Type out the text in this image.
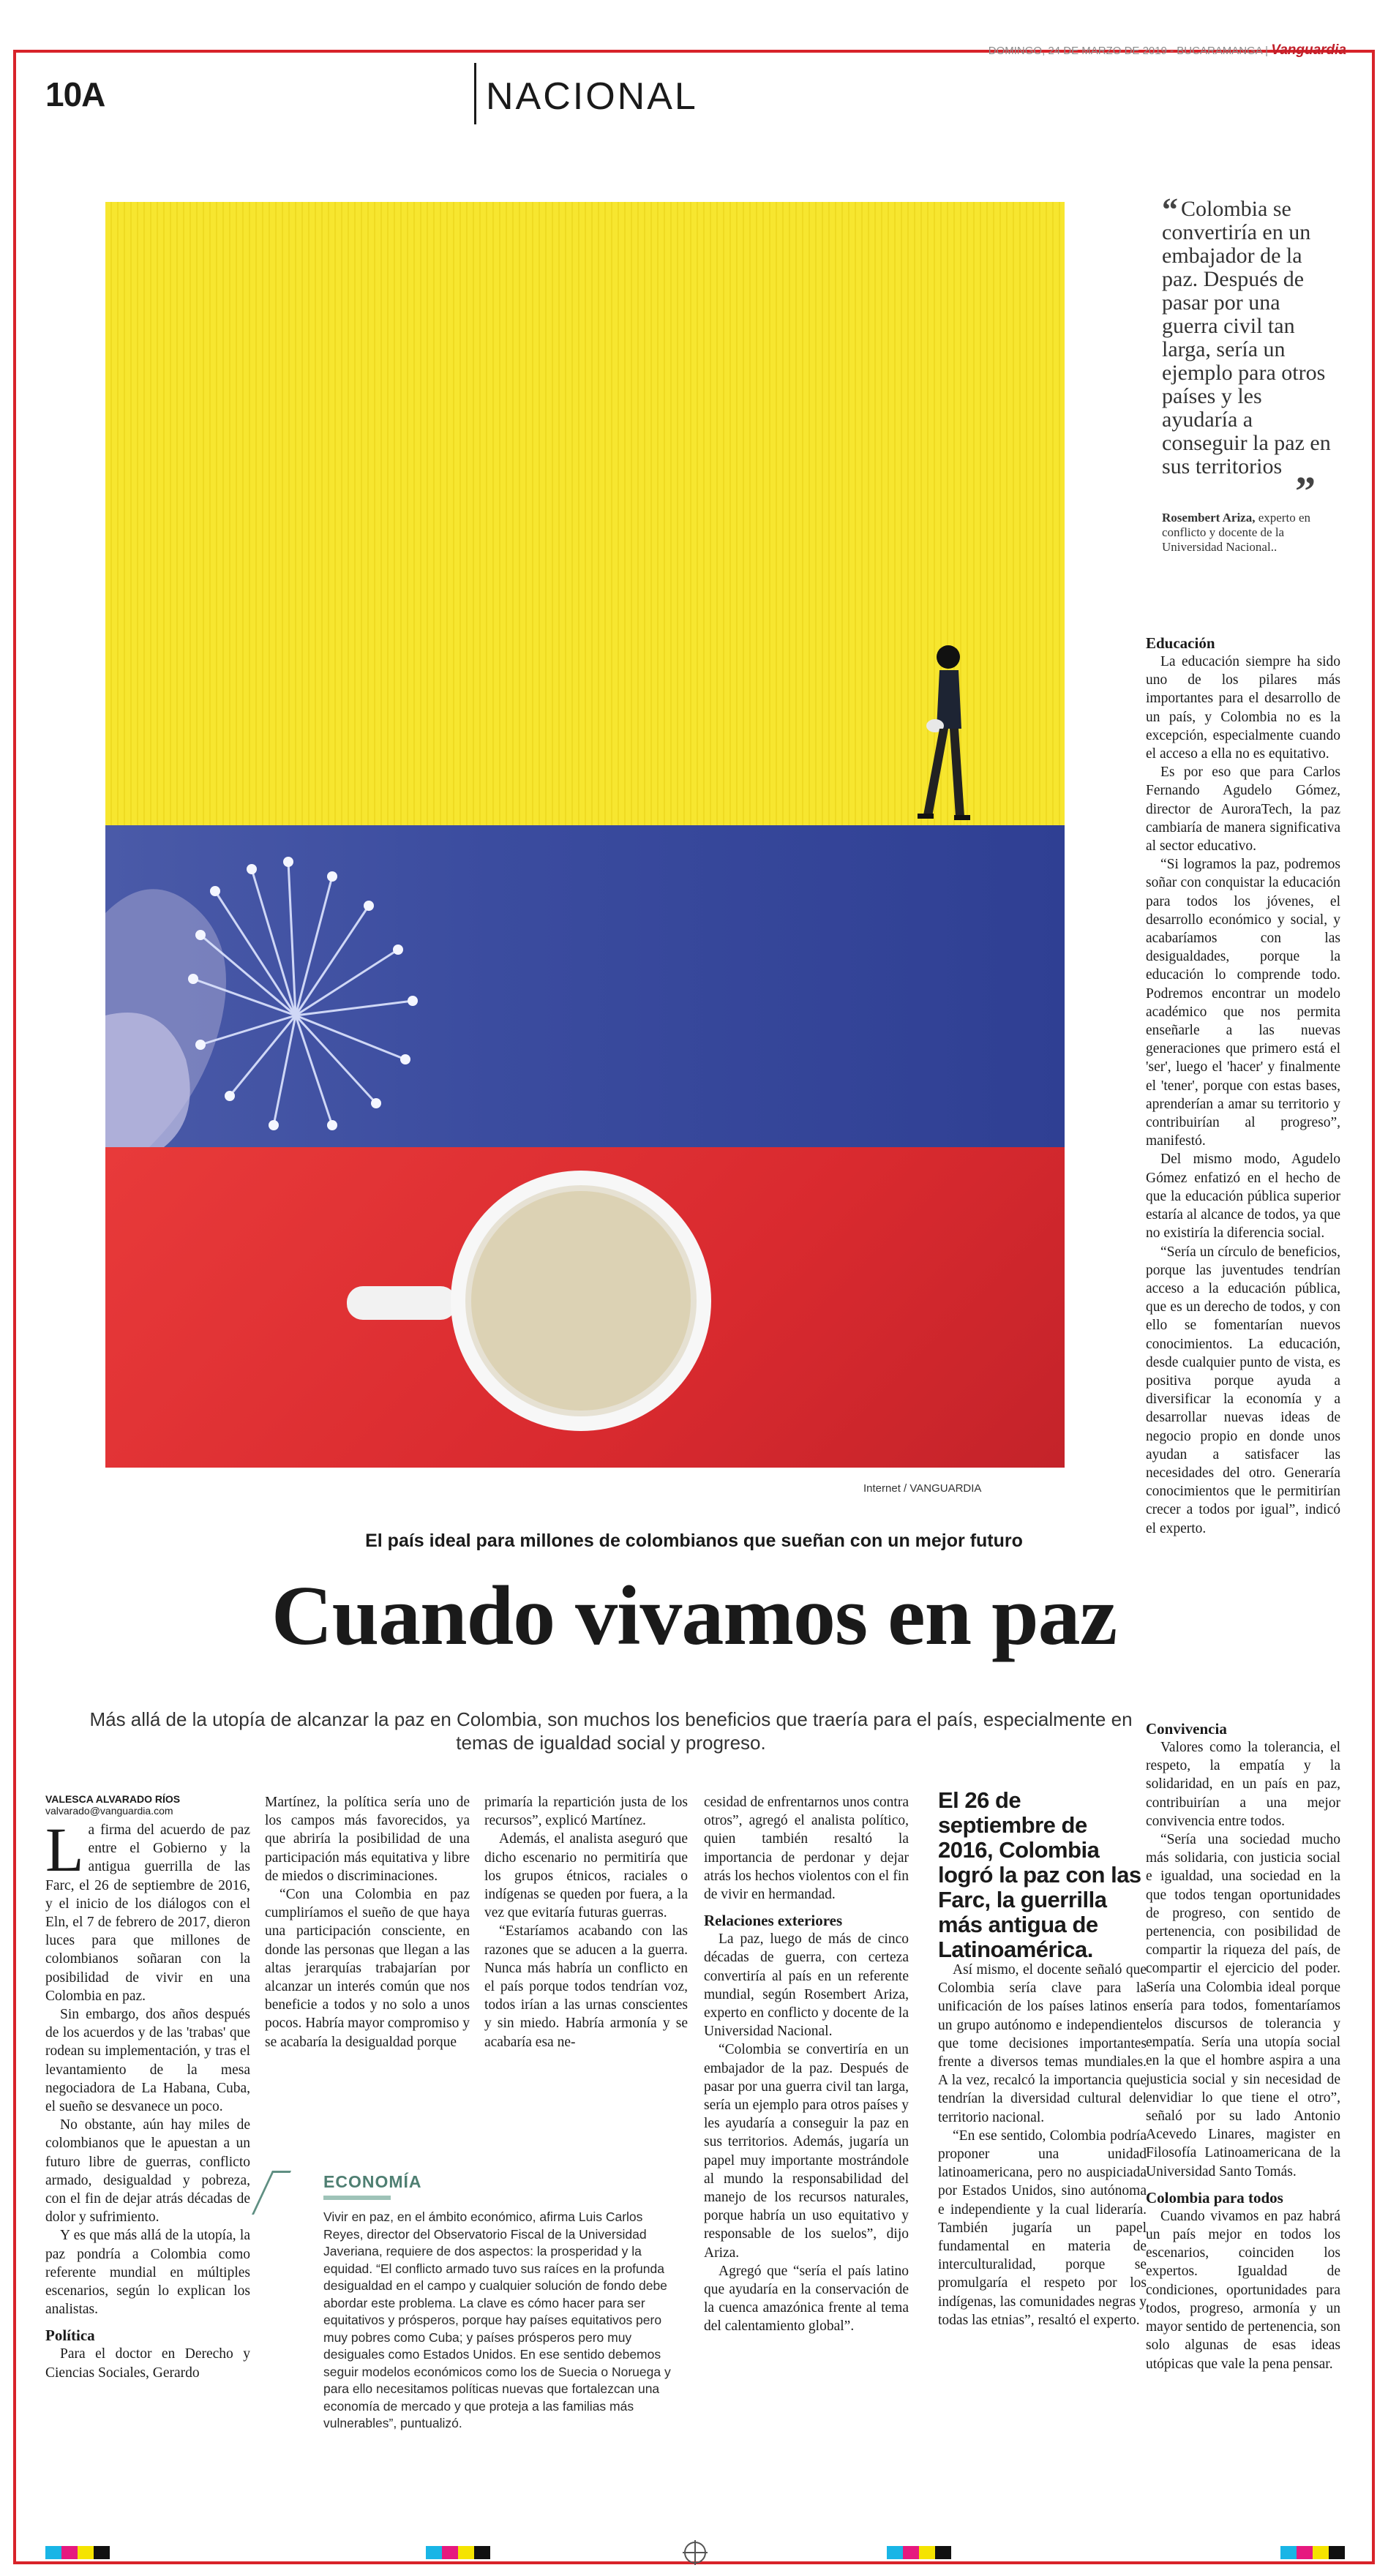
DOMINGO, 24 DE MARZO DE 2019 - BUCARAMANGA | Vanguardia
10A	NACIONAL
Internet / VANGUARDIA
“ Colombia se convertiría en un embajador de la paz. Después de pasar por una guerra civil tan larga, sería un ejemplo para otros países y les ayudaría a conseguir la paz en sus territorios
”
Rosembert Ariza, experto en conflicto y docente de la Universidad Nacional..
El país ideal para millones de colombianos que sueñan con un mejor futuro
Cuando vivamos en paz
Más allá de la utopía de alcanzar la paz en Colombia, son muchos los beneficios que traería para el país, especialmente en temas de igualdad social y progreso.
VALESCA ALVARADO RÍOS
valvarado@vanguardia.com

La firma del acuerdo de paz entre el Gobierno y la antigua guerrilla de las Farc, el 26 de septiembre de 2016, y el inicio de los diálogos con el Eln, el 7 de febrero de 2017, dieron luces para que millones de colombianos soñaran con la posibilidad de vivir en una Colombia en paz.

Sin embargo, dos años después de los acuerdos y de las 'trabas' que rodean su implementación, y tras el levantamiento de la mesa negociadora de La Habana, Cuba, el sueño se desvanece un poco.

No obstante, aún hay miles de colombianos que le apuestan a un futuro libre de guerras, conflicto armado, desigualdad y pobreza, con el fin de dejar atrás décadas de dolor y sufrimiento.

Y es que más allá de la utopía, la paz pondría a Colombia como referente mundial en múltiples escenarios, según lo explican los analistas.

Política

Para el doctor en Derecho y Ciencias Sociales, Gerardo

Martínez, la política sería uno de los campos más favorecidos, ya que abriría la posibilidad de una participación más equitativa y libre de miedos o discriminaciones.

“Con una Colombia en paz cumpliríamos el sueño de que haya una participación consciente, en donde las personas que llegan a las altas jerarquías trabajarían por alcanzar un interés común que nos beneficie a todos y no solo a unos pocos. Habría mayor compromiso y se acabaría la desigualdad porque

primaría la repartición justa de los recursos”, explicó Martínez.

Además, el analista aseguró que dicho escenario no permitiría que los grupos étnicos, raciales o indígenas se queden por fuera, a la vez que evitaría futuras guerras.

“Estaríamos acabando con las razones que se aducen a la guerra. Nunca más habría un conflicto en el país porque todos tendrían voz, todos irían a las urnas conscientes y sin miedo. Habría armonía y se acabaría esa ne-

ECONOMÍA
Vivir en paz, en el ámbito económico, afirma Luis Carlos Reyes, director del Observatorio Fiscal de la Universidad Javeriana, requiere de dos aspectos: la prosperidad y la equidad. “El conflicto armado tuvo sus raíces en la profunda desigualdad en el campo y cualquier solución de fondo debe abordar este problema. La clave es cómo hacer para ser equitativos y prósperos, porque hay países equitativos pero muy pobres como Cuba; y países prósperos pero muy desiguales como Estados Unidos. En ese sentido debemos seguir modelos económicos como los de Suecia o Noruega y para ello necesitamos políticas nuevas que fortalezcan una economía de mercado y que proteja a las familias más vulnerables”, puntualizó.

cesidad de enfrentarnos unos contra otros”, agregó el analista político, quien también resaltó la importancia de perdonar y dejar atrás los hechos violentos con el fin de vivir en hermandad.

Relaciones exteriores

La paz, luego de más de cinco décadas de guerra, con certeza convertiría al país en un referente mundial, según Rosembert Ariza, experto en conflicto y docente de la Universidad Nacional.

“Colombia se convertiría en un embajador de la paz. Después de pasar por una guerra civil tan larga, sería un ejemplo para otros países y les ayudaría a conseguir la paz en sus territorios. Además, jugaría un papel muy importante mostrándole al mundo la responsabilidad del manejo de los recursos naturales, porque habría un uso equitativo y responsable de los suelos”, dijo Ariza.

Agregó que “sería el país latino que ayudaría en la conservación de la cuenca amazónica frente al tema del calentamiento global”.

El 26 de septiembre de 2016, Colombia logró la paz con las Farc, la guerrilla más antigua de Latinoamérica.

Así mismo, el docente señaló que Colombia sería clave para la unificación de los países latinos en un grupo autónomo e independiente que tome decisiones importantes frente a diversos temas mundiales. A la vez, recalcó la importancia que tendrían la diversidad cultural del territorio nacional.

“En ese sentido, Colombia podría proponer una unidad latinoamericana, pero no auspiciada por Estados Unidos, sino autónoma e independiente y la cual lideraría. También jugaría un papel fundamental en materia de interculturalidad, porque se promulgaría el respeto por los indígenas, las comunidades negras y todas las etnias”, resaltó el experto.

Educación

La educación siempre ha sido uno de los pilares más importantes para el desarrollo de un país, y Colombia no es la excepción, especialmente cuando el acceso a ella no es equitativo.

Es por eso que para Carlos Fernando Agudelo Gómez, director de AuroraTech, la paz cambiaría de manera significativa al sector educativo.

“Si logramos la paz, podremos soñar con conquistar la educación para todos los jóvenes, el desarrollo económico y social, y acabaríamos con las desigualdades, porque la educación lo comprende todo. Podremos encontrar un modelo académico que nos permita enseñarle a las nuevas generaciones que primero está el 'ser', luego el 'hacer' y finalmente el 'tener', porque con estas bases, aprenderían a amar su territorio y contribuirían al progreso”, manifestó.

Del mismo modo, Agudelo Gómez enfatizó en el hecho de que la educación pública superior estaría al alcance de todos, ya que no existiría la diferencia social.

“Sería un círculo de beneficios, porque las juventudes tendrían acceso a la educación pública, que es un derecho de todos, y con ello se fomentarían nuevos conocimientos. La educación, desde cualquier punto de vista, es positiva porque ayuda a diversificar la economía y a desarrollar nuevas ideas de negocio propio en donde unos ayudan a satisfacer las necesidades del otro. Generaría conocimientos que le permitirían crecer a todos por igual”, indicó el experto.

Convivencia

Valores como la tolerancia, el respeto, la empatía y la solidaridad, en un país en paz, contribuirían a una mejor convivencia entre todos.

“Sería una sociedad mucho más solidaria, con justicia social e igualdad, una sociedad en la que todos tengan oportunidades de progreso, con sentido de pertenencia, con posibilidad de compartir la riqueza del país, de compartir el ejercicio del poder. Sería una Colombia ideal porque sería para todos, fomentaríamos los discursos de tolerancia y empatía. Sería una utopía social en la que el hombre aspira a una justicia social y sin necesidad de envidiar lo que tiene el otro”, señaló por su lado Antonio Acevedo Linares, magister en Filosofía Latinoamericana de la Universidad Santo Tomás.

Colombia para todos

Cuando vivamos en paz habrá un país mejor en todos los escenarios, coinciden los expertos. Igualdad de condiciones, oportunidades para todos, progreso, armonía y un mayor sentido de pertenencia, son solo algunas de esas ideas utópicas que vale la pena pensar.
